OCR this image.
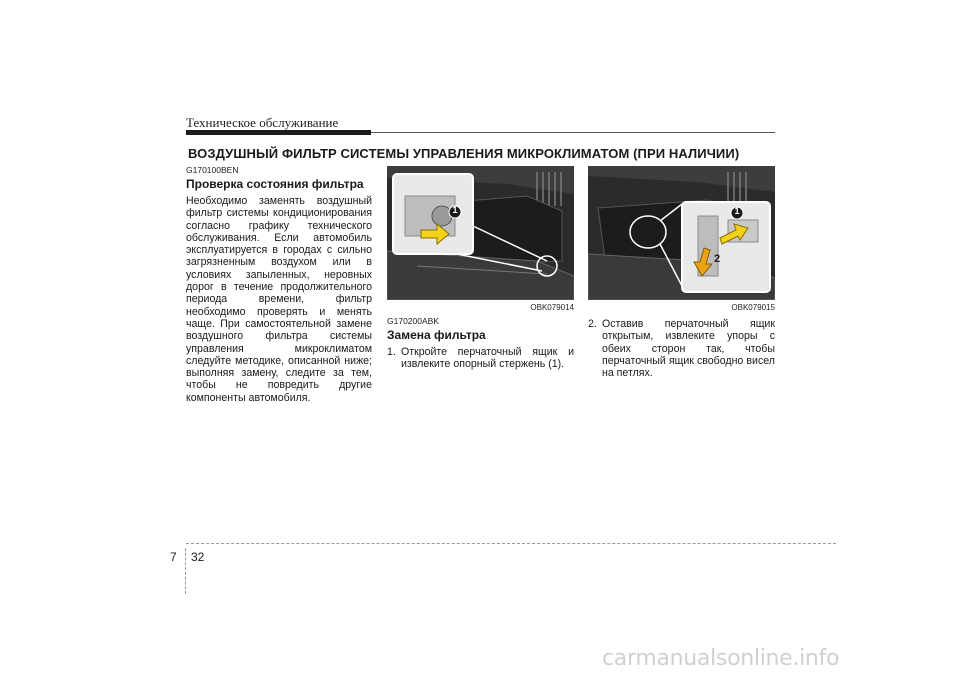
Техническое обслуживание
ВОЗДУШНЫЙ ФИЛЬТР СИСТЕМЫ УПРАВЛЕНИЯ МИКРОКЛИМАТОМ (ПРИ НАЛИЧИИ)
G170100BEN
Проверка состояния фильтра
Необходимо заменять воздушный фильтр системы кондиционирования согласно графику технического обслуживания. Если автомобиль эксплуатируется в городах с сильно загрязненным воздухом или в условиях запыленных, неровных дорог в течение продолжительного периода времени, фильтр необходимо проверять и менять чаще. При самостоятельной замене воздушного фильтра системы управления микроклиматом следуйте методике, описанной ниже; выполняя замену, следите за тем, чтобы не повредить другие компоненты автомобиля.
1
OBK079014
G170200ABK
Замена фильтра
1. Откройте перчаточный ящик и извлеките опорный стержень (1).
1
2
OBK079015
2. Оставив перчаточный ящик открытым, извлеките упоры с обеих сторон так, чтобы перчаточный ящик свободно висел на петлях.
7 32
carmanualsonline.info
